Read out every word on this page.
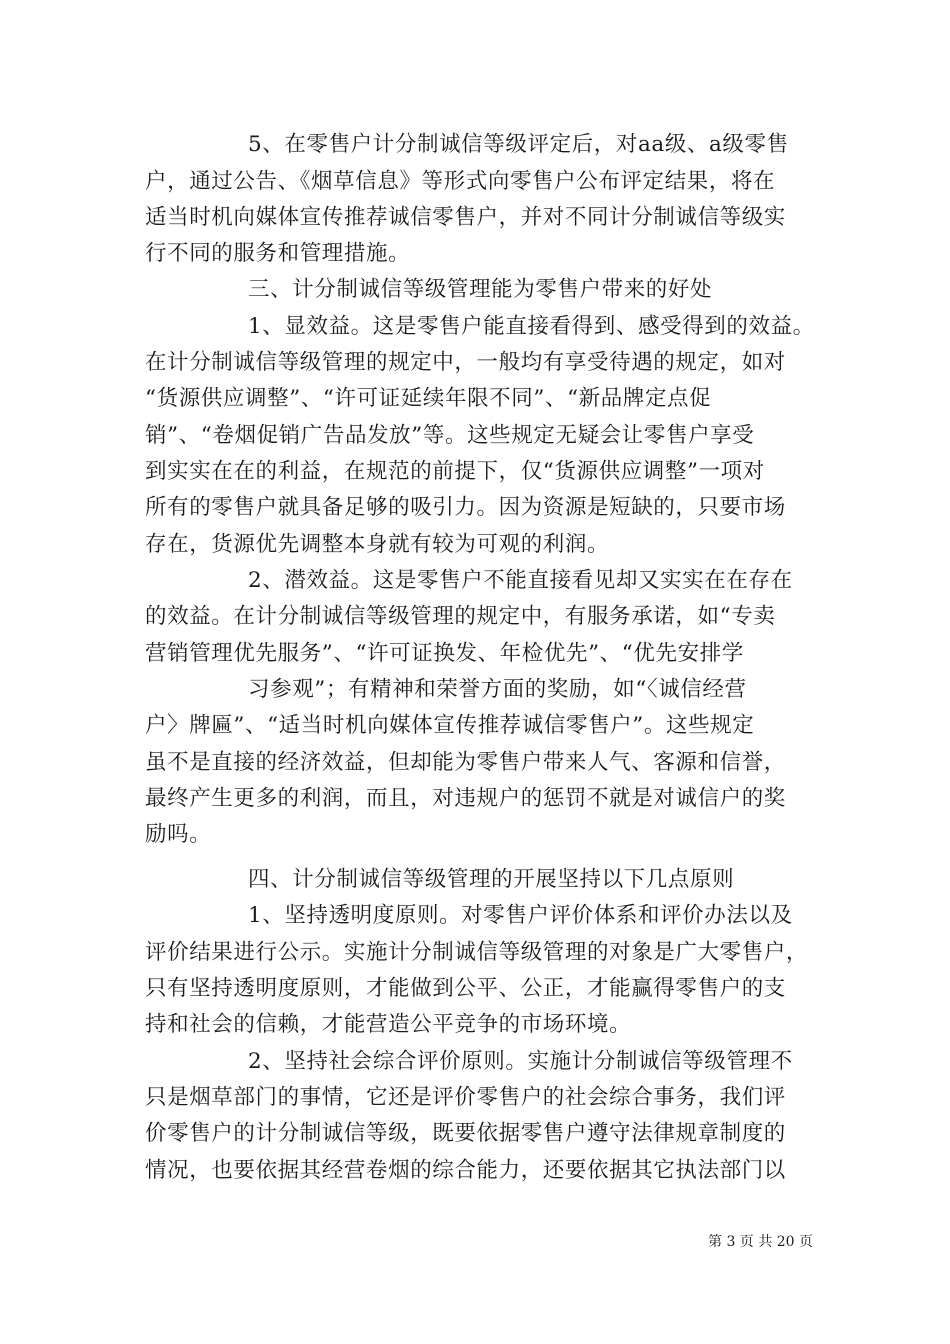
5、在零售户计分制诚信等级评定后，对aa级、a级零售
户，通过公告、《烟草信息》等形式向零售户公布评定结果，将在
适当时机向媒体宣传推荐诚信零售户，并对不同计分制诚信等级实
行不同的服务和管理措施。
三、计分制诚信等级管理能为零售户带来的好处
1、显效益。这是零售户能直接看得到、感受得到的效益。
在计分制诚信等级管理的规定中，一般均有享受待遇的规定，如对
“货源供应调整”、“许可证延续年限不同”、“新品牌定点促
销”、“卷烟促销广告品发放”等。这些规定无疑会让零售户享受
到实实在在的利益，在规范的前提下，仅“货源供应调整”一项对
所有的零售户就具备足够的吸引力。因为资源是短缺的，只要市场
存在，货源优先调整本身就有较为可观的利润。
2、潜效益。这是零售户不能直接看见却又实实在在存在
的效益。在计分制诚信等级管理的规定中，有服务承诺，如“专卖
营销管理优先服务”、“许可证换发、年检优先”、“优先安排学
习参观”；有精神和荣誉方面的奖励，如“〈诚信经营
户〉牌匾”、“适当时机向媒体宣传推荐诚信零售户”。这些规定
虽不是直接的经济效益，但却能为零售户带来人气、客源和信誉，
最终产生更多的利润，而且，对违规户的惩罚不就是对诚信户的奖
励吗。
四、计分制诚信等级管理的开展坚持以下几点原则
1、坚持透明度原则。对零售户评价体系和评价办法以及
评价结果进行公示。实施计分制诚信等级管理的对象是广大零售户，
只有坚持透明度原则，才能做到公平、公正，才能赢得零售户的支
持和社会的信赖，才能营造公平竞争的市场环境。
2、坚持社会综合评价原则。实施计分制诚信等级管理不
只是烟草部门的事情，它还是评价零售户的社会综合事务，我们评
价零售户的计分制诚信等级，既要依据零售户遵守法律规章制度的
情况，也要依据其经营卷烟的综合能力，还要依据其它执法部门以
第 3 页 共 20 页
